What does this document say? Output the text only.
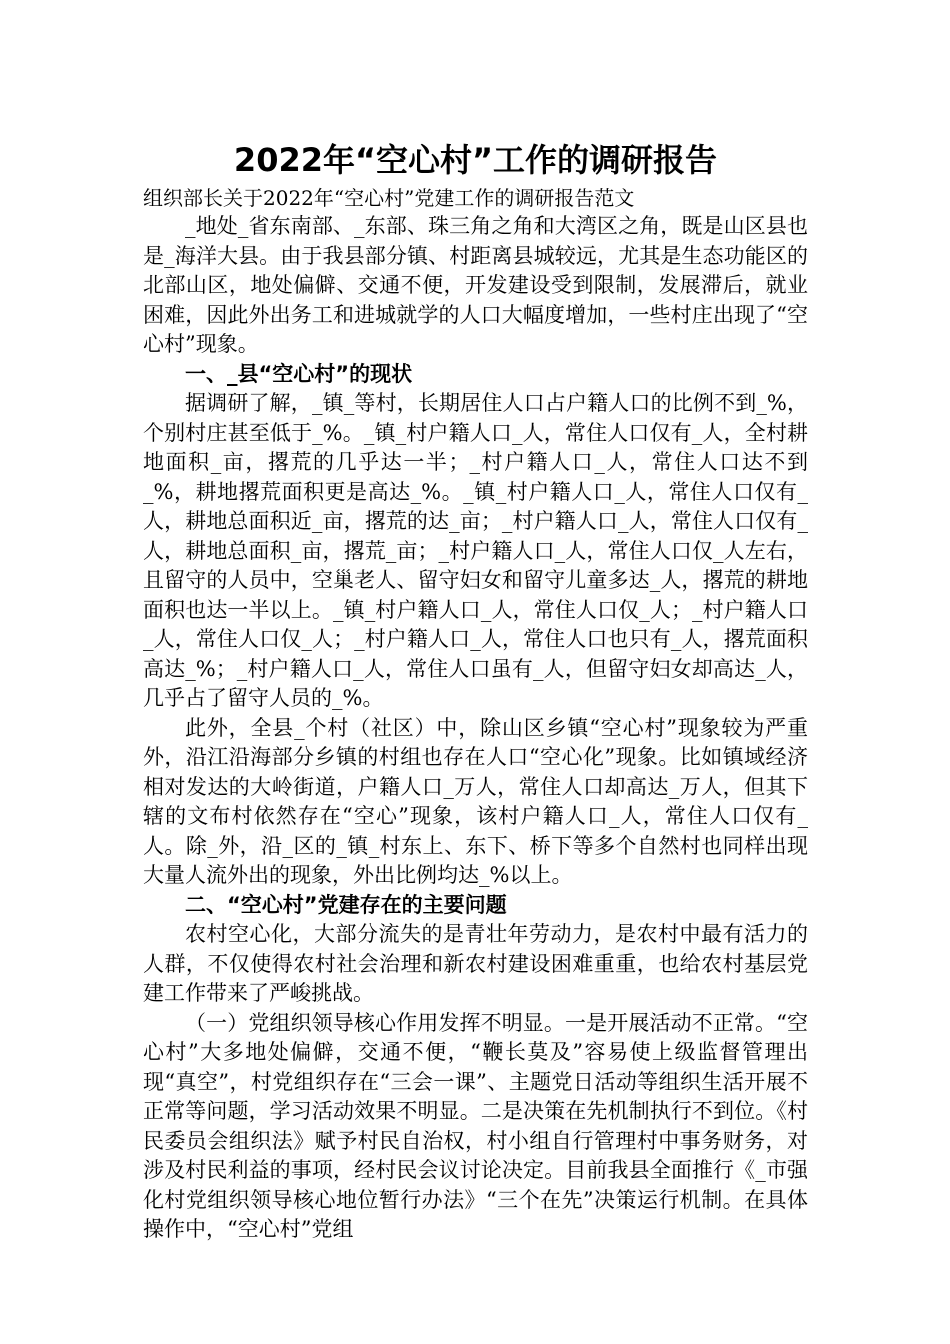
2022年“空心村”工作的调研报告

组织部长关于2022年“空心村”党建工作的调研报告范文

_地处_省东南部、_东部、珠三角之角和大湾区之角，既是山区县也是_海洋大县。由于我县部分镇、村距离县城较远，尤其是生态功能区的北部山区，地处偏僻、交通不便，开发建设受到限制，发展滞后，就业困难，因此外出务工和进城就学的人口大幅度增加，一些村庄出现了“空心村”现象。

一、_县“空心村”的现状

据调研了解，_镇_等村，长期居住人口占户籍人口的比例不到_%，个别村庄甚至低于_%。_镇_村户籍人口_人，常住人口仅有_人，全村耕地面积_亩，撂荒的几乎达一半；_村户籍人口_人，常住人口达不到_%，耕地撂荒面积更是高达_%。_镇_村户籍人口_人，常住人口仅有_人，耕地总面积近_亩，撂荒的达_亩；_村户籍人口_人，常住人口仅有_人，耕地总面积_亩，撂荒_亩；_村户籍人口_人，常住人口仅_人左右，且留守的人员中，空巢老人、留守妇女和留守儿童多达_人，撂荒的耕地面积也达一半以上。_镇_村户籍人口_人，常住人口仅_人；_村户籍人口_人，常住人口仅_人；_村户籍人口_人，常住人口也只有_人，撂荒面积高达_%；_村户籍人口_人，常住人口虽有_人，但留守妇女却高达_人，几乎占了留守人员的_%。

此外，全县_个村（社区）中，除山区乡镇“空心村”现象较为严重外，沿江沿海部分乡镇的村组也存在人口“空心化”现象。比如镇域经济相对发达的大岭街道，户籍人口_万人，常住人口却高达_万人，但其下辖的文布村依然存在“空心”现象，该村户籍人口_人，常住人口仅有_人。除_外，沿_区的_镇_村东上、东下、桥下等多个自然村也同样出现大量人流外出的现象，外出比例均达_%以上。

二、“空心村”党建存在的主要问题

农村空心化，大部分流失的是青壮年劳动力，是农村中最有活力的人群，不仅使得农村社会治理和新农村建设困难重重，也给农村基层党建工作带来了严峻挑战。

（一）党组织领导核心作用发挥不明显。一是开展活动不正常。“空心村”大多地处偏僻，交通不便，“鞭长莫及”容易使上级监督管理出现“真空”，村党组织存在“三会一课”、主题党日活动等组织生活开展不正常等问题，学习活动效果不明显。二是决策在先机制执行不到位。《村民委员会组织法》赋予村民自治权，村小组自行管理村中事务财务，对涉及村民利益的事项，经村民会议讨论决定。目前我县全面推行《_市强化村党组织领导核心地位暂行办法》“三个在先”决策运行机制。在具体操作中，“空心村”党组
